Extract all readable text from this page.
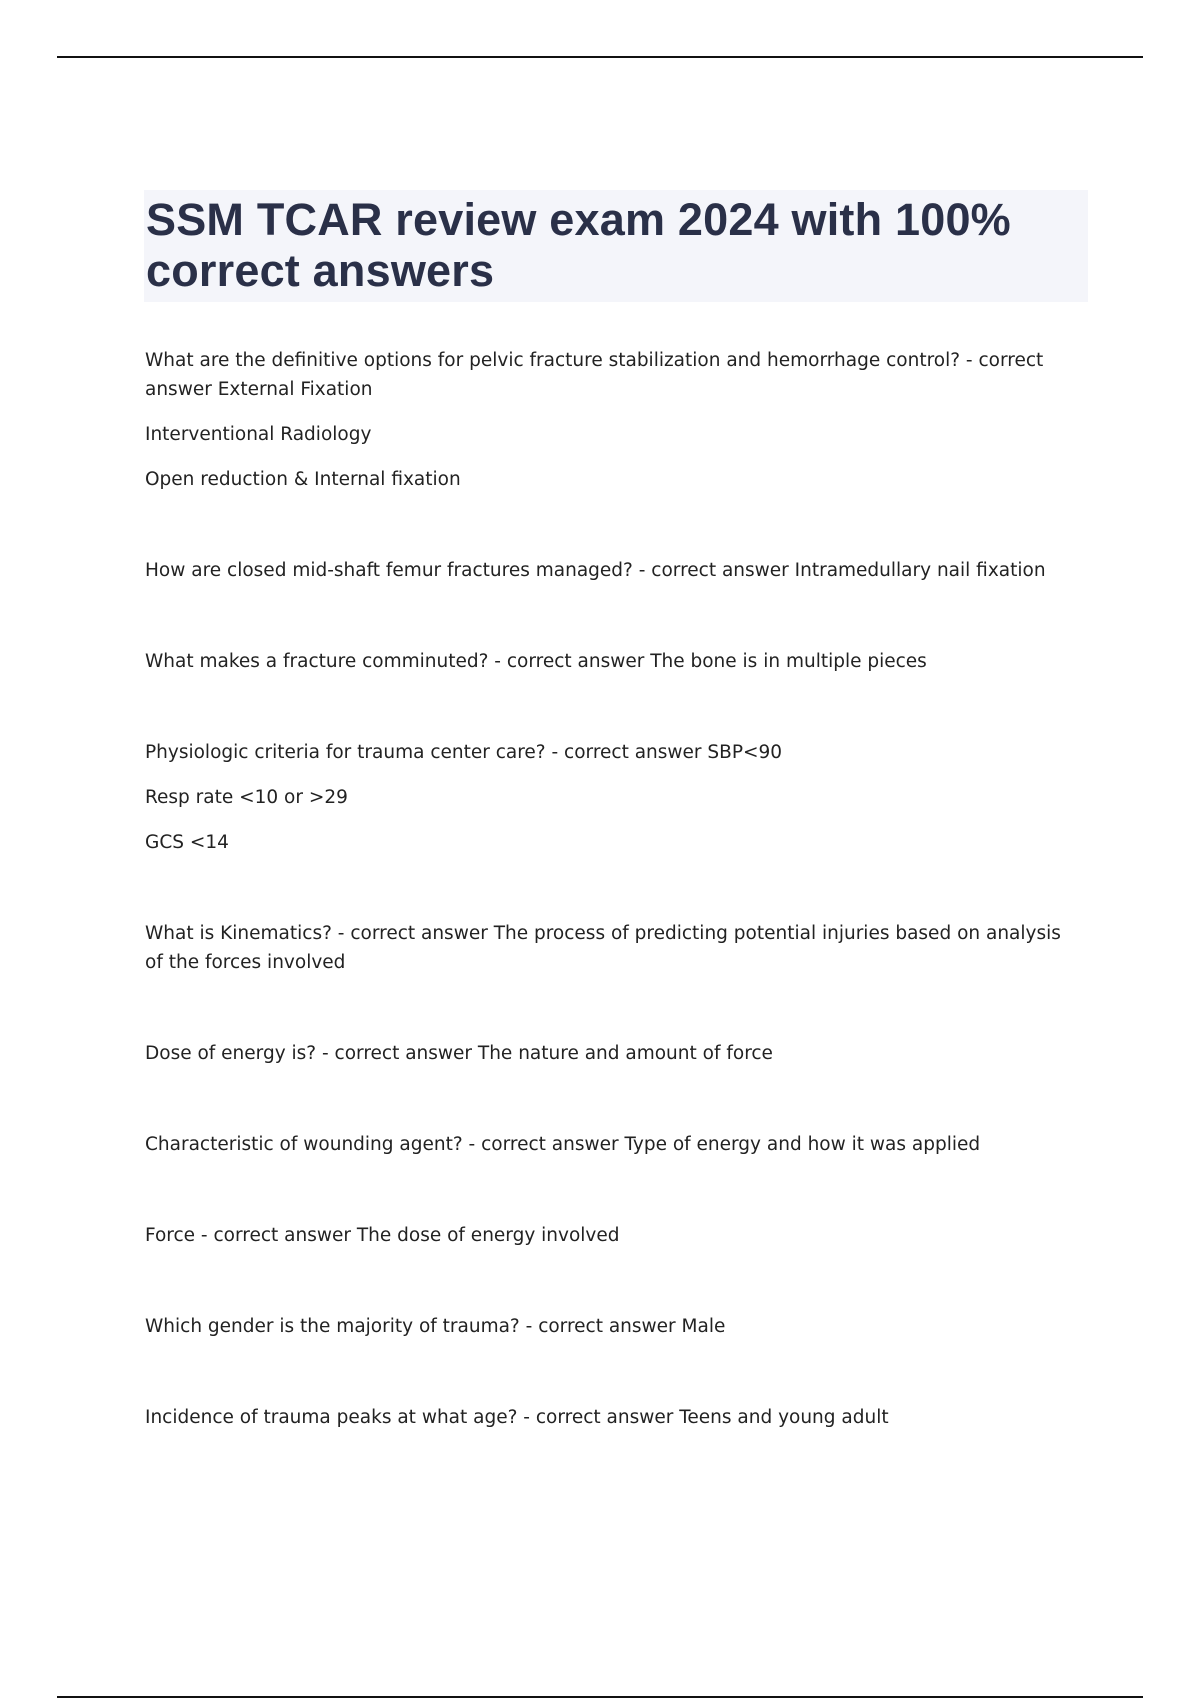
SSM TCAR review exam 2024 with 100% correct answers

What are the definitive options for pelvic fracture stabilization and hemorrhage control? - correct answer External Fixation

Interventional Radiology

Open reduction & Internal fixation

How are closed mid-shaft femur fractures managed? - correct answer Intramedullary nail fixation

What makes a fracture comminuted? - correct answer The bone is in multiple pieces

Physiologic criteria for trauma center care? - correct answer SBP<90

Resp rate <10 or >29

GCS <14

What is Kinematics? - correct answer The process of predicting potential injuries based on analysis of the forces involved

Dose of energy is? - correct answer The nature and amount of force

Characteristic of wounding agent? - correct answer Type of energy and how it was applied

Force - correct answer The dose of energy involved

Which gender is the majority of trauma? - correct answer Male

Incidence of trauma peaks at what age? - correct answer Teens and young adult
